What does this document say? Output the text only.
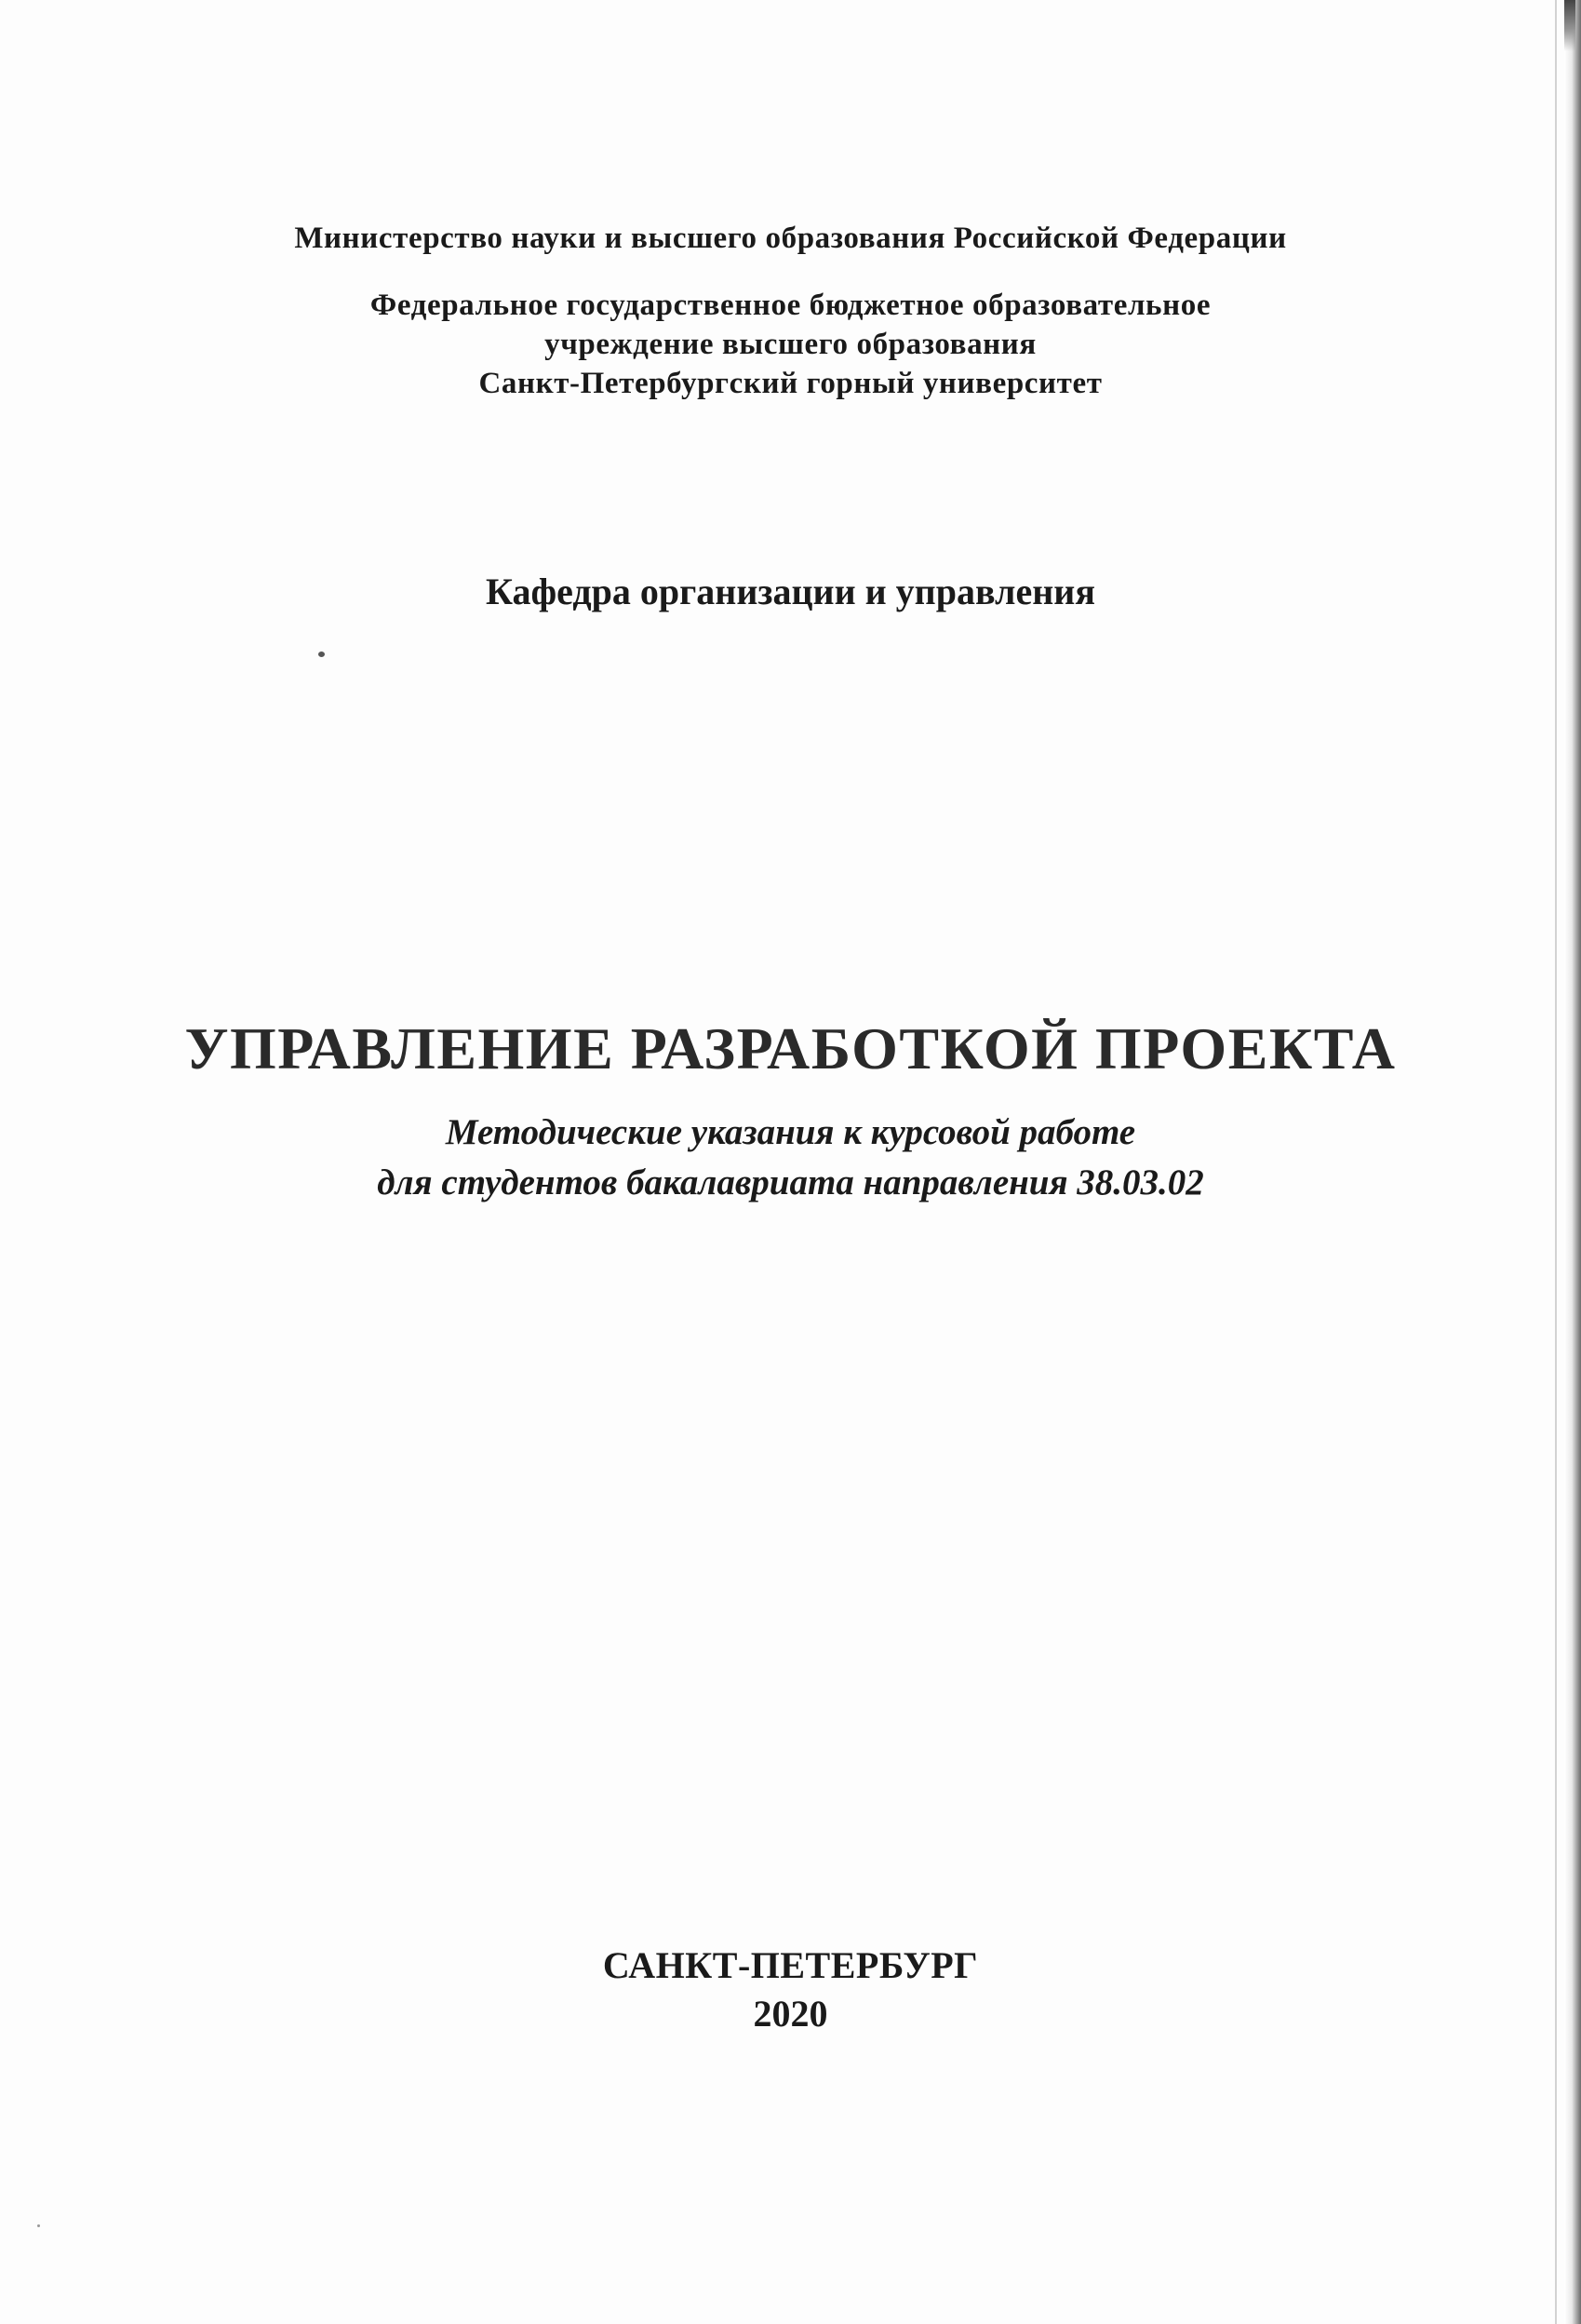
Министерство науки и высшего образования Российской Федерации

Федеральное государственное бюджетное образовательное

учреждение высшего образования

Санкт-Петербургский горный университет

Кафедра организации и управления

УПРАВЛЕНИЕ РАЗРАБОТКОЙ ПРОЕКТА

Методические указания к курсовой работе

для студентов бакалавриата направления 38.03.02

САНКТ-ПЕТЕРБУРГ

2020
